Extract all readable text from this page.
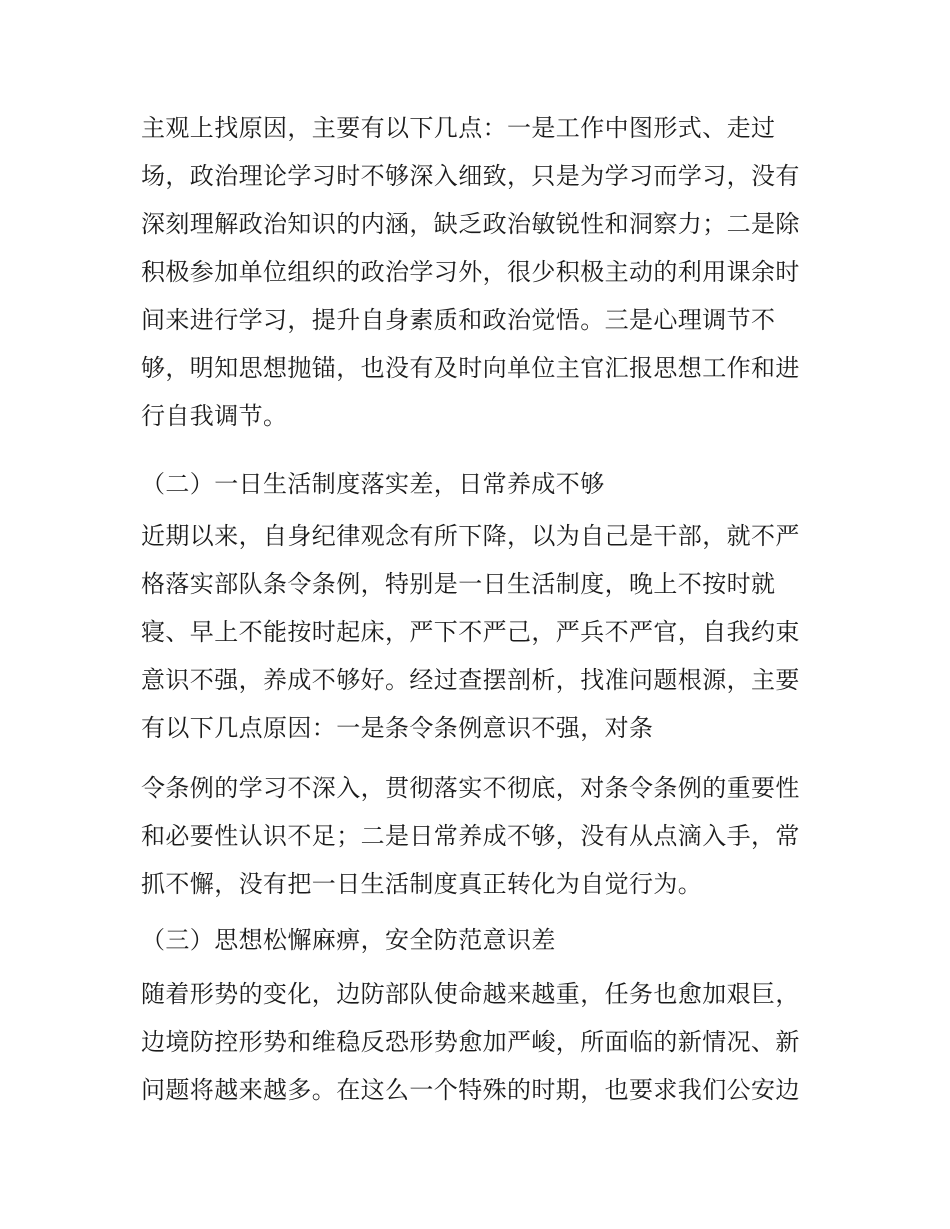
主观上找原因，主要有以下几点：一是工作中图形式、走过
场，政治理论学习时不够深入细致，只是为学习而学习，没有
深刻理解政治知识的内涵，缺乏政治敏锐性和洞察力；二是除
积极参加单位组织的政治学习外，很少积极主动的利用课余时
间来进行学习，提升自身素质和政治觉悟。三是心理调节不
够，明知思想抛锚，也没有及时向单位主官汇报思想工作和进
行自我调节。
（二）一日生活制度落实差，日常养成不够
近期以来，自身纪律观念有所下降，以为自己是干部，就不严
格落实部队条令条例，特别是一日生活制度，晚上不按时就
寝、早上不能按时起床，严下不严己，严兵不严官，自我约束
意识不强，养成不够好。经过查摆剖析，找准问题根源，主要
有以下几点原因：一是条令条例意识不强，对条
令条例的学习不深入，贯彻落实不彻底，对条令条例的重要性
和必要性认识不足；二是日常养成不够，没有从点滴入手，常
抓不懈，没有把一日生活制度真正转化为自觉行为。
（三）思想松懈麻痹，安全防范意识差
随着形势的变化，边防部队使命越来越重，任务也愈加艰巨，
边境防控形势和维稳反恐形势愈加严峻，所面临的新情况、新
问题将越来越多。在这么一个特殊的时期，也要求我们公安边
